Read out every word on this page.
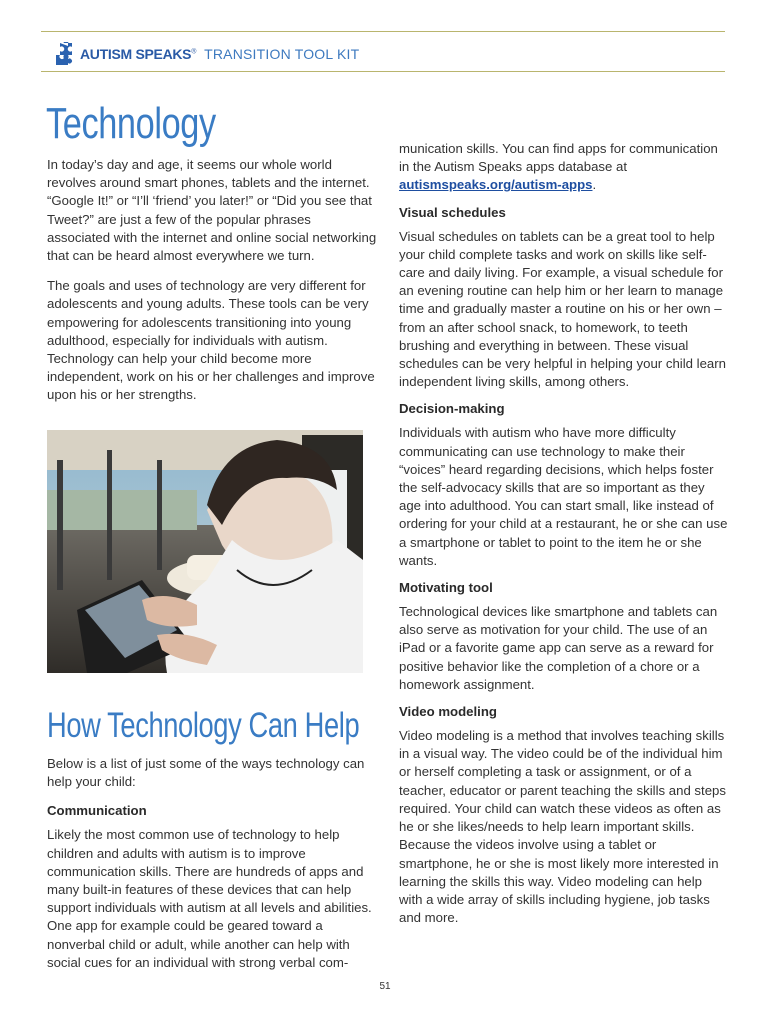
AUTISM SPEAKS® TRANSITION TOOL KIT
Technology

In today’s day and age, it seems our whole world revolves around smart phones, tablets and the internet. “Google It!” or “I’ll ‘friend’ you later!” or “Did you see that Tweet?” are just a few of the popular phrases associated with the internet and online social networking that can be heard almost everywhere we turn.

The goals and uses of technology are very different for adolescents and young adults. These tools can be very empowering for adolescents transitioning into young adulthood, especially for individuals with autism. Technology can help your child become more independent, work on his or her challenges and improve upon his or her strengths.

How Technology Can Help

Below is a list of just some of the ways technology can help your child:

Communication

Likely the most common use of technology to help children and adults with autism is to improve communication skills. There are hundreds of apps and many built-in features of these devices that can help support individuals with autism at all levels and abilities. One app for example could be geared toward a nonverbal child or adult, while another can help with social cues for an individual with strong verbal com-

munication skills. You can find apps for communication in the Autism Speaks apps database at autismspeaks.org/autism-apps.

Visual schedules

Visual schedules on tablets can be a great tool to help your child complete tasks and work on skills like self-care and daily living. For example, a visual schedule for an evening routine can help him or her learn to manage time and gradually master a routine on his or her own – from an after school snack, to homework, to teeth brushing and everything in between. These visual schedules can be very helpful in helping your child learn independent living skills, among others.

Decision-making

Individuals with autism who have more difficulty communicating can use technology to make their “voices” heard regarding decisions, which helps foster the self-advocacy skills that are so important as they age into adulthood. You can start small, like instead of ordering for your child at a restaurant, he or she can use a smartphone or tablet to point to the item he or she wants.

Motivating tool

Technological devices like smartphone and tablets can also serve as motivation for your child. The use of an iPad or a favorite game app can serve as a reward for positive behavior like the completion of a chore or a homework assignment.

Video modeling

Video modeling is a method that involves teaching skills in a visual way. The video could be of the individual him or herself completing a task or assignment, or of a teacher, educator or parent teaching the skills and steps required. Your child can watch these videos as often as he or she likes/needs to help learn important skills. Because the videos involve using a tablet or smartphone, he or she is most likely more interested in learning the skills this way. Video modeling can help with a wide array of skills including hygiene, job tasks and more.

51
